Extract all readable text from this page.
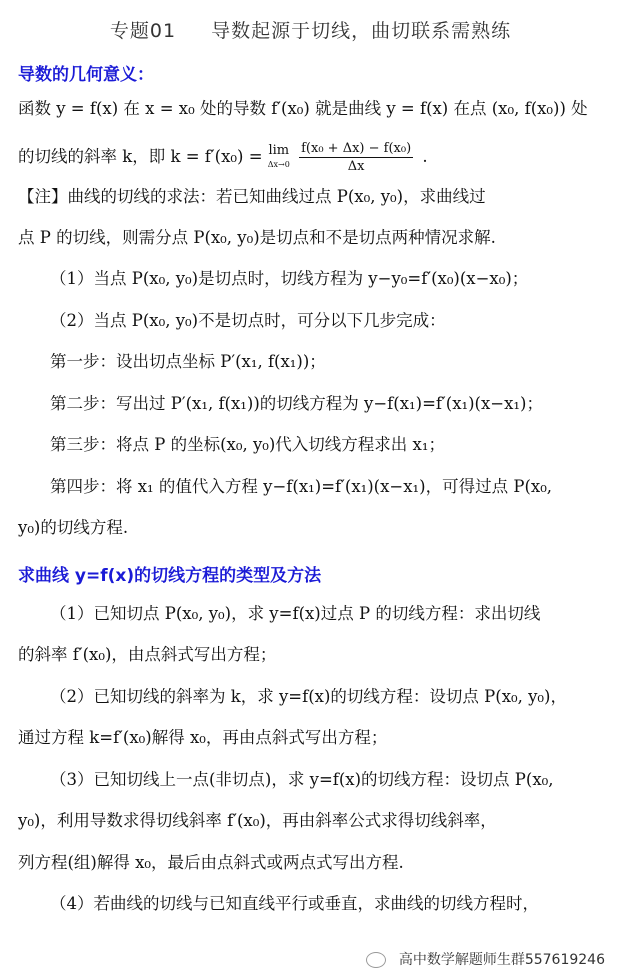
专题01 导数起源于切线，曲切联系需熟练
导数的几何意义：
函数 y = f(x) 在 x = x₀ 处的导数 f′(x₀) 就是曲线 y = f(x) 在点 (x₀, f(x₀)) 处
的切线的斜率 k，即 k = f′(x₀) = lim
Δx→0
$\frac{\text{f(x₀ + Δx) − f(x₀)}}{\Delta x}$ .
【注】曲线的切线的求法：若已知曲线过点 P(x₀, y₀)，求曲线过
点 P 的切线，则需分点 P(x₀, y₀)是切点和不是切点两种情况求解.
（1）当点 P(x₀, y₀)是切点时，切线方程为 y−y₀=f′(x₀)(x−x₀)；
（2）当点 P(x₀, y₀)不是切点时，可分以下几步完成：
第一步：设出切点坐标 P′(x₁, f(x₁))；
第二步：写出过 P′(x₁, f(x₁))的切线方程为 y−f(x₁)=f′(x₁)(x−x₁)；
第三步：将点 P 的坐标(x₀, y₀)代入切线方程求出 x₁；
第四步：将 x₁ 的值代入方程 y−f(x₁)=f′(x₁)(x−x₁)，可得过点 P(x₀,
y₀)的切线方程.
求曲线 y=f(x)的切线方程的类型及方法
（1）已知切点 P(x₀, y₀)，求 y=f(x)过点 P 的切线方程：求出切线
的斜率 f′(x₀)，由点斜式写出方程；
（2）已知切线的斜率为 k，求 y=f(x)的切线方程：设切点 P(x₀, y₀)，
通过方程 k=f′(x₀)解得 x₀，再由点斜式写出方程；
（3）已知切线上一点(非切点)，求 y=f(x)的切线方程：设切点 P(x₀,
y₀)，利用导数求得切线斜率 f′(x₀)，再由斜率公式求得切线斜率，
列方程(组)解得 x₀，最后由点斜式或两点式写出方程.
（4）若曲线的切线与已知直线平行或垂直，求曲线的切线方程时，
高中数学解题师生群557619246
